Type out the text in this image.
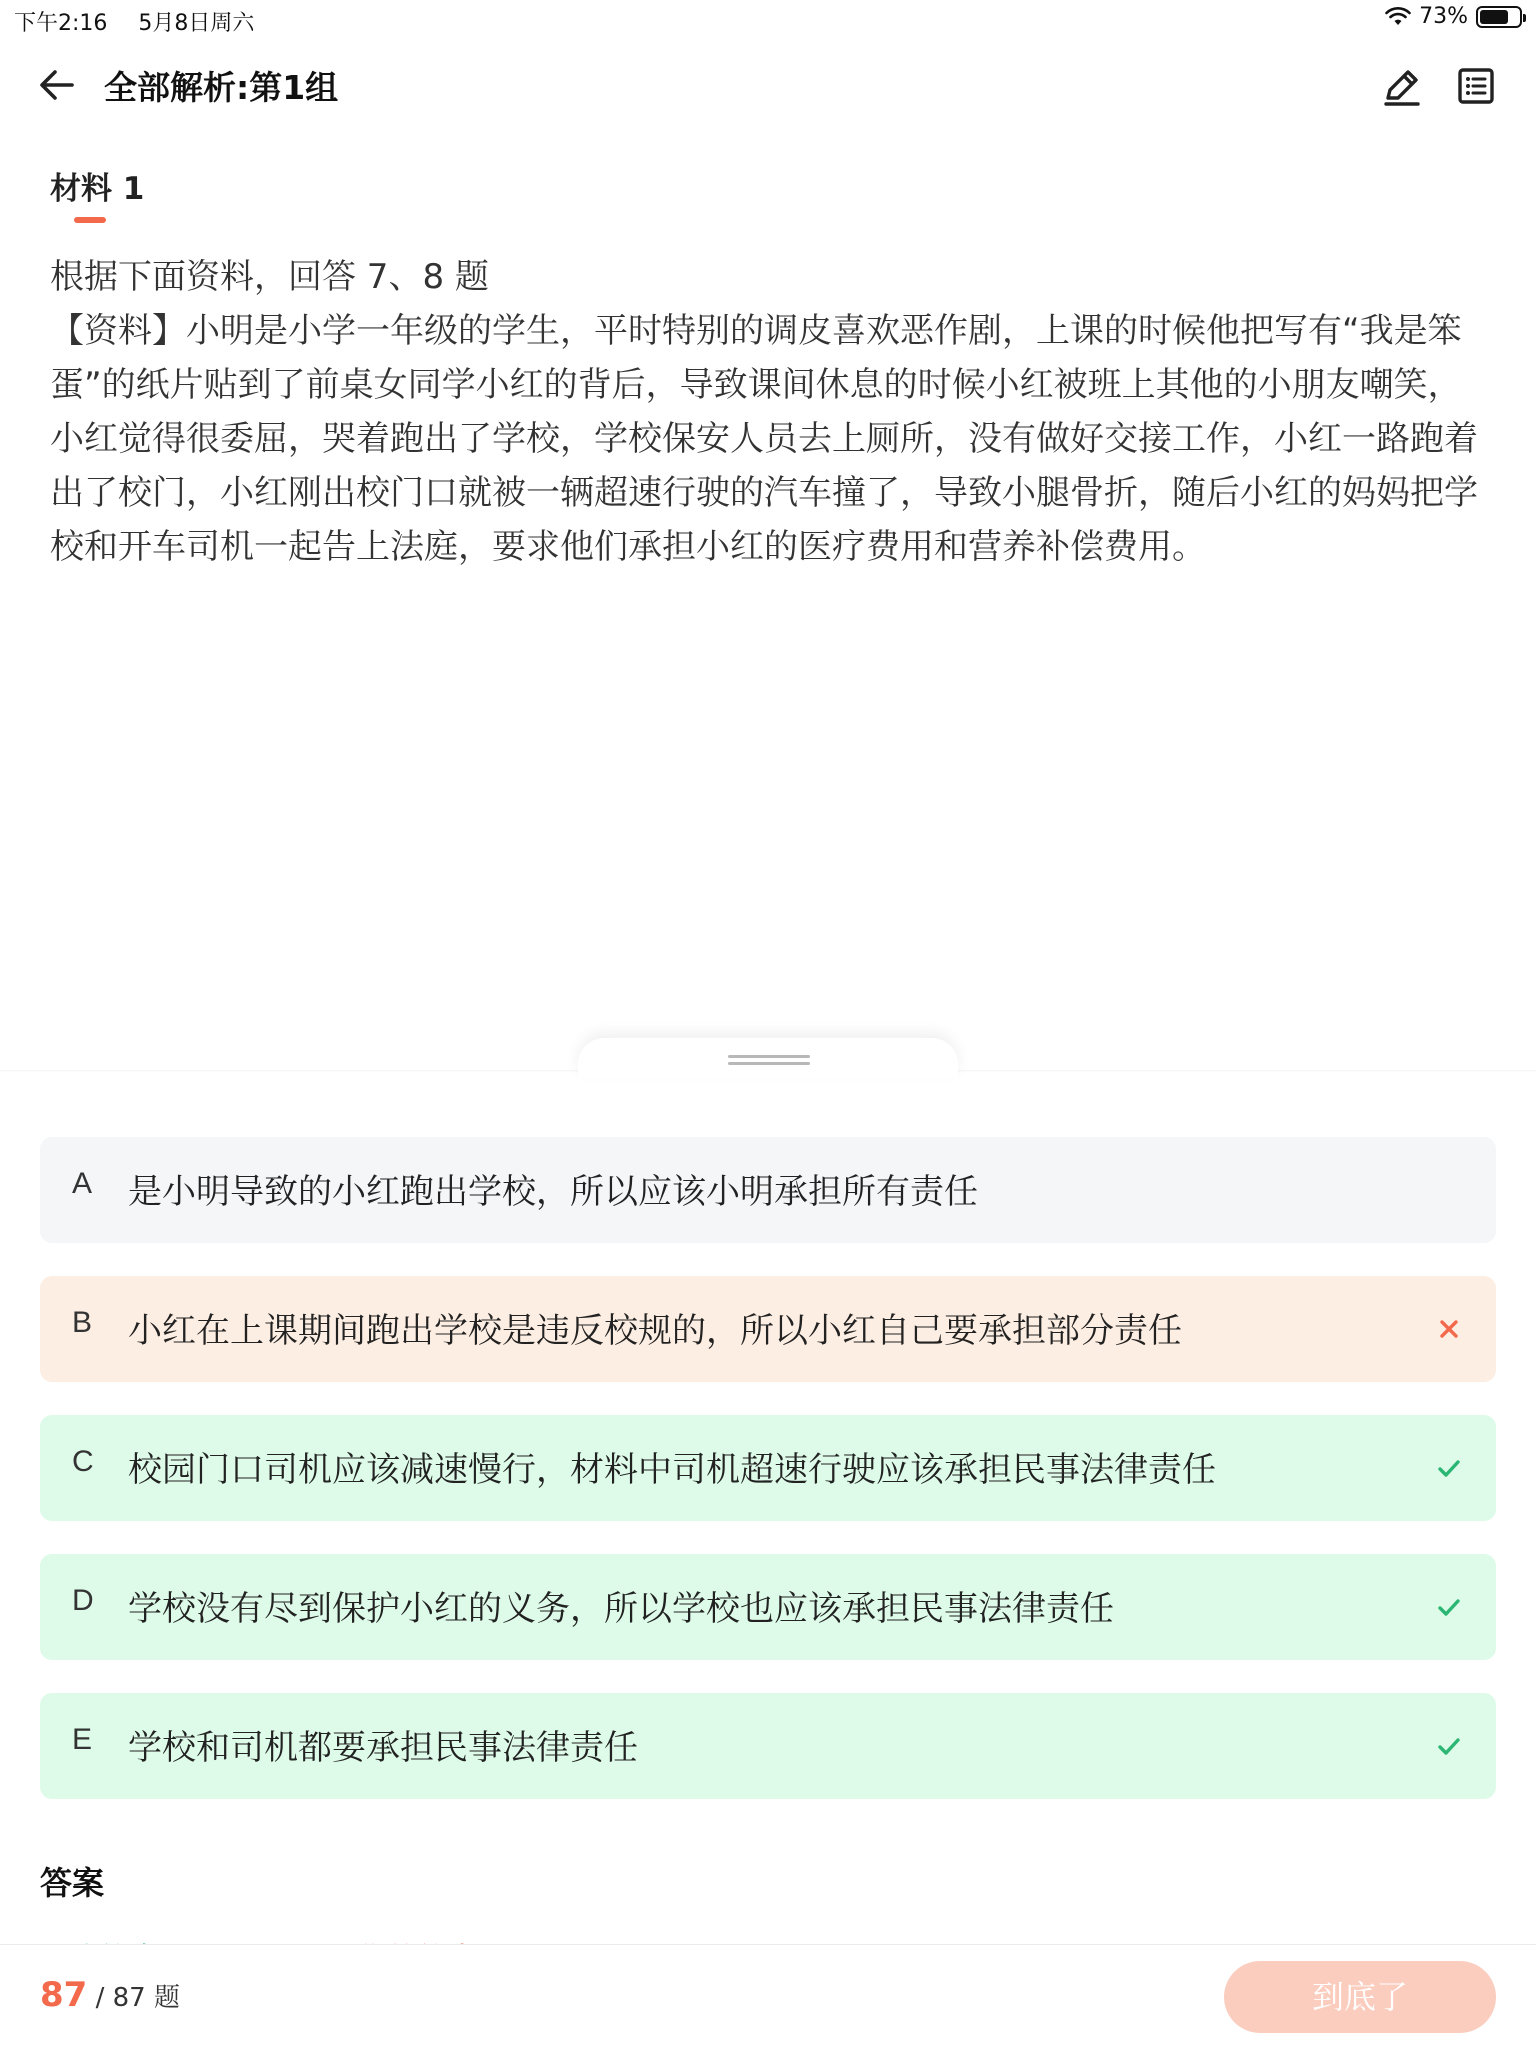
下午2:16 5月8日周六	73%
全部解析:第1组
材料 1
根据下面资料，回答 7、8 题
【资料】小明是小学一年级的学生，平时特别的调皮喜欢恶作剧，上课的时候他把写有“我是笨蛋”的纸片贴到了前桌女同学小红的背后，导致课间休息的时候小红被班上其他的小朋友嘲笑，小红觉得很委屈，哭着跑出了学校，学校保安人员去上厕所，没有做好交接工作，小红一路跑着出了校门，小红刚出校门口就被一辆超速行驶的汽车撞了，导致小腿骨折，随后小红的妈妈把学校和开车司机一起告上法庭，要求他们承担小红的医疗费用和营养补偿费用。
A 是小明导致的小红跑出学校，所以应该小明承担所有责任
B 小红在上课期间跑出学校是违反校规的，所以小红自己要承担部分责任
C 校园门口司机应该减速慢行，材料中司机超速行驶应该承担民事法律责任
D 学校没有尽到保护小红的义务，所以学校也应该承担民事法律责任
E 学校和司机都要承担民事法律责任
答案
87 / 87 题	到底了
